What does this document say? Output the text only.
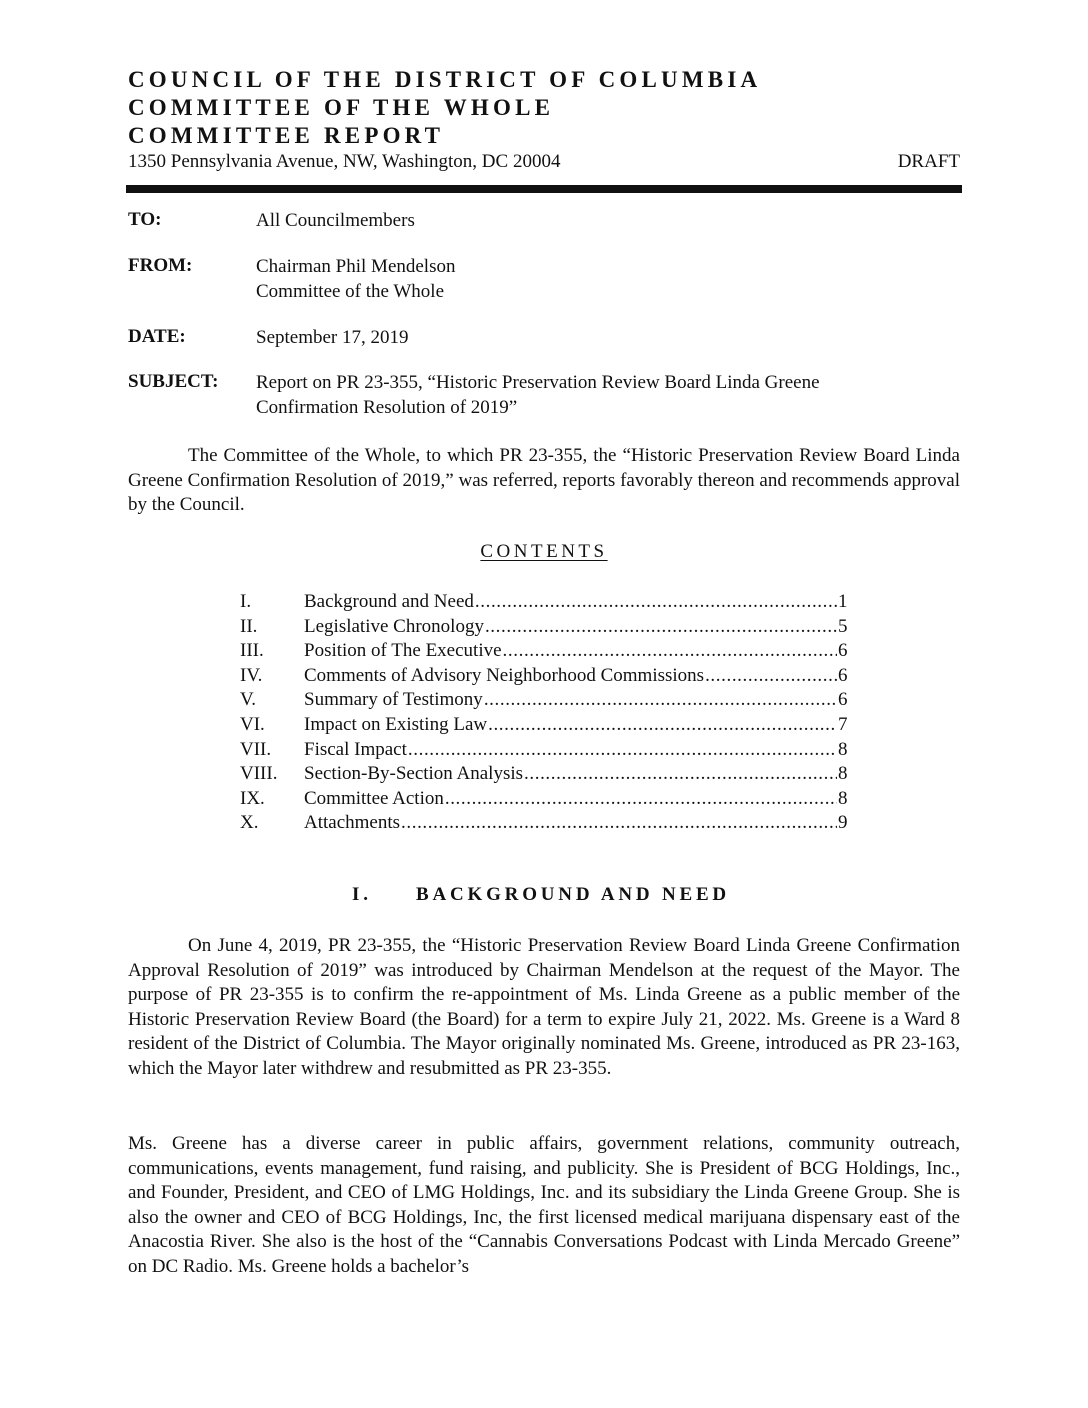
COUNCIL OF THE DISTRICT OF COLUMBIA
COMMITTEE OF THE WHOLE
COMMITTEE REPORT
1350 Pennsylvania Avenue, NW, Washington, DC 20004	DRAFT
TO:	All Councilmembers
FROM:	Chairman Phil Mendelson
Committee of the Whole
DATE:	September 17, 2019
SUBJECT: Report on PR 23-355, “Historic Preservation Review Board Linda Greene
Confirmation Resolution of 2019”
The Committee of the Whole, to which PR 23-355, the “Historic Preservation Review Board Linda Greene Confirmation Resolution of 2019,” was referred, reports favorably thereon and recommends approval by the Council.
CONTENTS
I.	Background and Need .....	1
II.	Legislative Chronology .....	5
III.	Position of The Executive .....	6
IV.	Comments of Advisory Neighborhood Commissions .....	6
V.	Summary of Testimony .....	6
VI.	Impact on Existing Law .....	7
VII.	Fiscal Impact .....	8
VIII.	Section-By-Section Analysis .....	8
IX.	Committee Action .....	8
X.	Attachments .....	9
I. BACKGROUND AND NEED
On June 4, 2019, PR 23-355, the “Historic Preservation Review Board Linda Greene Confirmation Approval Resolution of 2019” was introduced by Chairman Mendelson at the request of the Mayor. The purpose of PR 23-355 is to confirm the re-appointment of Ms. Linda Greene as a public member of the Historic Preservation Review Board (the Board) for a term to expire July 21, 2022. Ms. Greene is a Ward 8 resident of the District of Columbia. The Mayor originally nominated Ms. Greene, introduced as PR 23-163, which the Mayor later withdrew and resubmitted as PR 23-355.
Ms. Greene has a diverse career in public affairs, government relations, community outreach, communications, events management, fund raising, and publicity. She is President of BCG Holdings, Inc., and Founder, President, and CEO of LMG Holdings, Inc. and its subsidiary the Linda Greene Group. She is also the owner and CEO of BCG Holdings, Inc, the first licensed medical marijuana dispensary east of the Anacostia River. She also is the host of the “Cannabis Conversations Podcast with Linda Mercado Greene” on DC Radio. Ms. Greene holds a bachelor’s
